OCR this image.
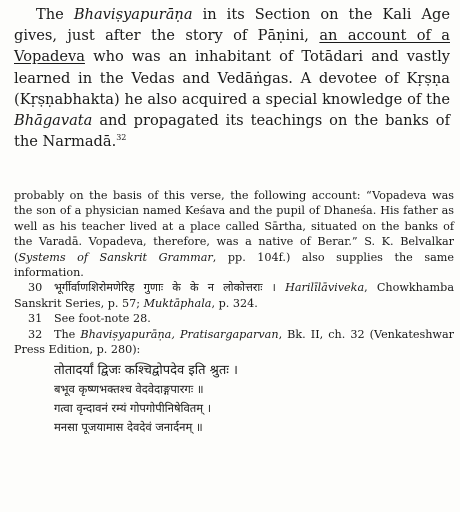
The Bhaviṣyapurāṇa in its Section on the Kali Age gives, just after the story of Pāṇini, an account of a Vopadeva who was an inhabitant of Totādari and vastly learned in the Vedas and Vedāṅgas. A devotee of Kṛṣṇa (Kṛṣṇabhakta) he also acquired a special knowledge of the Bhāgavata and propagated its teachings on the banks of the Narmadā.$^{32}$

probably on the basis of this verse, the following account: “Vopadeva was the son of a physician named Keśava and the pupil of Dhaneśa. His father as well as his teacher lived at a place called Sārtha, situated on the banks of the Varadā. Vopadeva, therefore, was a native of Berar.” S. K. Belvalkar (Systems of Sanskrit Grammar, pp. 104f.) also supplies the same information.

30 भूर्गीर्वाणशिरोमणेरिह गुणाः के के न लोकोत्तराः । Harilīlāviveka, Chowkhamba Sanskrit Series, p. 57; Muktāphala, p. 324.

31 See foot-note 28.

32 The Bhaviṣyapurāṇa, Pratisargaparvan, Bk. II, ch. 32 (Venkateshwar Press Edition, p. 280):

तोतादर्यां द्विजः कश्चिद्वोपदेव इति श्रुतः ।

बभूव कृष्णभक्तश्च वेदवेदाङ्गपारगः ॥

गत्वा वृन्दावनं रम्यं गोपगोपीनिषेवितम् ।

मनसा पूजयामास देवदेवं जनार्दनम् ॥
